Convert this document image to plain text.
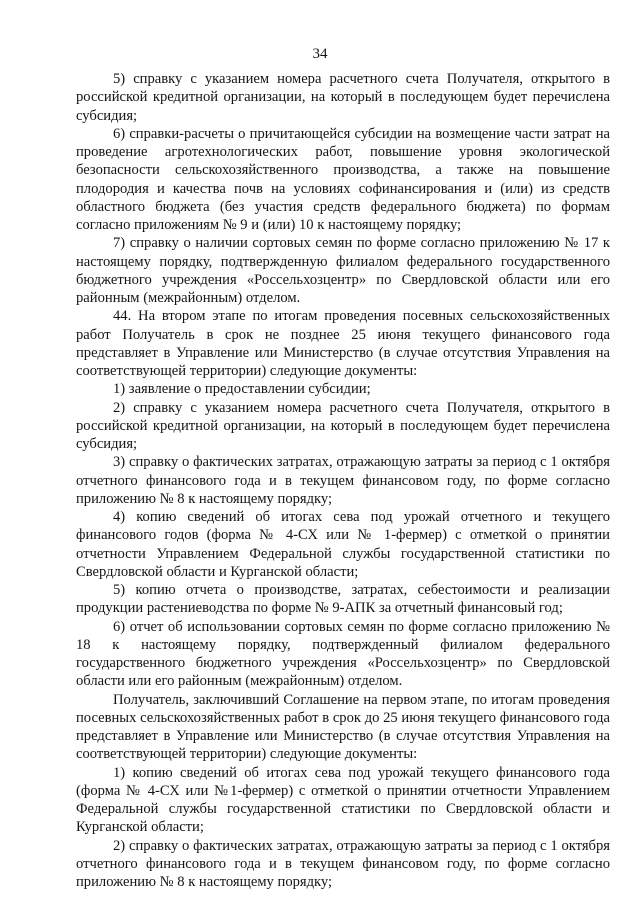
34

5) справку с указанием номера расчетного счета Получателя, открытого в российской кредитной организации, на который в последующем будет перечислена субсидия;

6) справки-расчеты о причитающейся субсидии на возмещение части затрат на проведение агротехнологических работ, повышение уровня экологической безопасности сельскохозяйственного производства, а также на повышение плодородия и качества почв на условиях софинансирования и (или) из средств областного бюджета (без участия средств федерального бюджета) по формам согласно приложениям № 9 и (или) 10 к настоящему порядку;

7) справку о наличии сортовых семян по форме согласно приложению № 17 к настоящему порядку, подтвержденную филиалом федерального государственного бюджетного учреждения «Россельхозцентр» по Свердловской области или его районным (межрайонным) отделом.

44. На втором этапе по итогам проведения посевных сельскохозяйственных работ Получатель в срок не позднее 25 июня текущего финансового года представляет в Управление или Министерство (в случае отсутствия Управления на соответствующей территории) следующие документы:

1) заявление о предоставлении субсидии;

2) справку с указанием номера расчетного счета Получателя, открытого в российской кредитной организации, на который в последующем будет перечислена субсидия;

3) справку о фактических затратах, отражающую затраты за период с 1 октября отчетного финансового года и в текущем финансовом году, по форме согласно приложению № 8 к настоящему порядку;

4) копию сведений об итогах сева под урожай отчетного и текущего финансового годов (форма № 4-СХ или № 1-фермер) с отметкой о принятии отчетности Управлением Федеральной службы государственной статистики по Свердловской области и Курганской области;

5) копию отчета о производстве, затратах, себестоимости и реализации продукции растениеводства по форме № 9-АПК за отчетный финансовый год;

6) отчет об использовании сортовых семян по форме согласно приложению № 18 к настоящему порядку, подтвержденный филиалом федерального государственного бюджетного учреждения «Россельхозцентр» по Свердловской области или его районным (межрайонным) отделом.

Получатель, заключивший Соглашение на первом этапе, по итогам проведения посевных сельскохозяйственных работ в срок до 25 июня текущего финансового года представляет в Управление или Министерство (в случае отсутствия Управления на соответствующей территории) следующие документы:

1) копию сведений об итогах сева под урожай текущего финансового года (форма № 4-СХ или №1-фермер) с отметкой о принятии отчетности Управлением Федеральной службы государственной статистики по Свердловской области и Курганской области;

2) справку о фактических затратах, отражающую затраты за период с 1 октября отчетного финансового года и в текущем финансовом году, по форме согласно приложению № 8 к настоящему порядку;
